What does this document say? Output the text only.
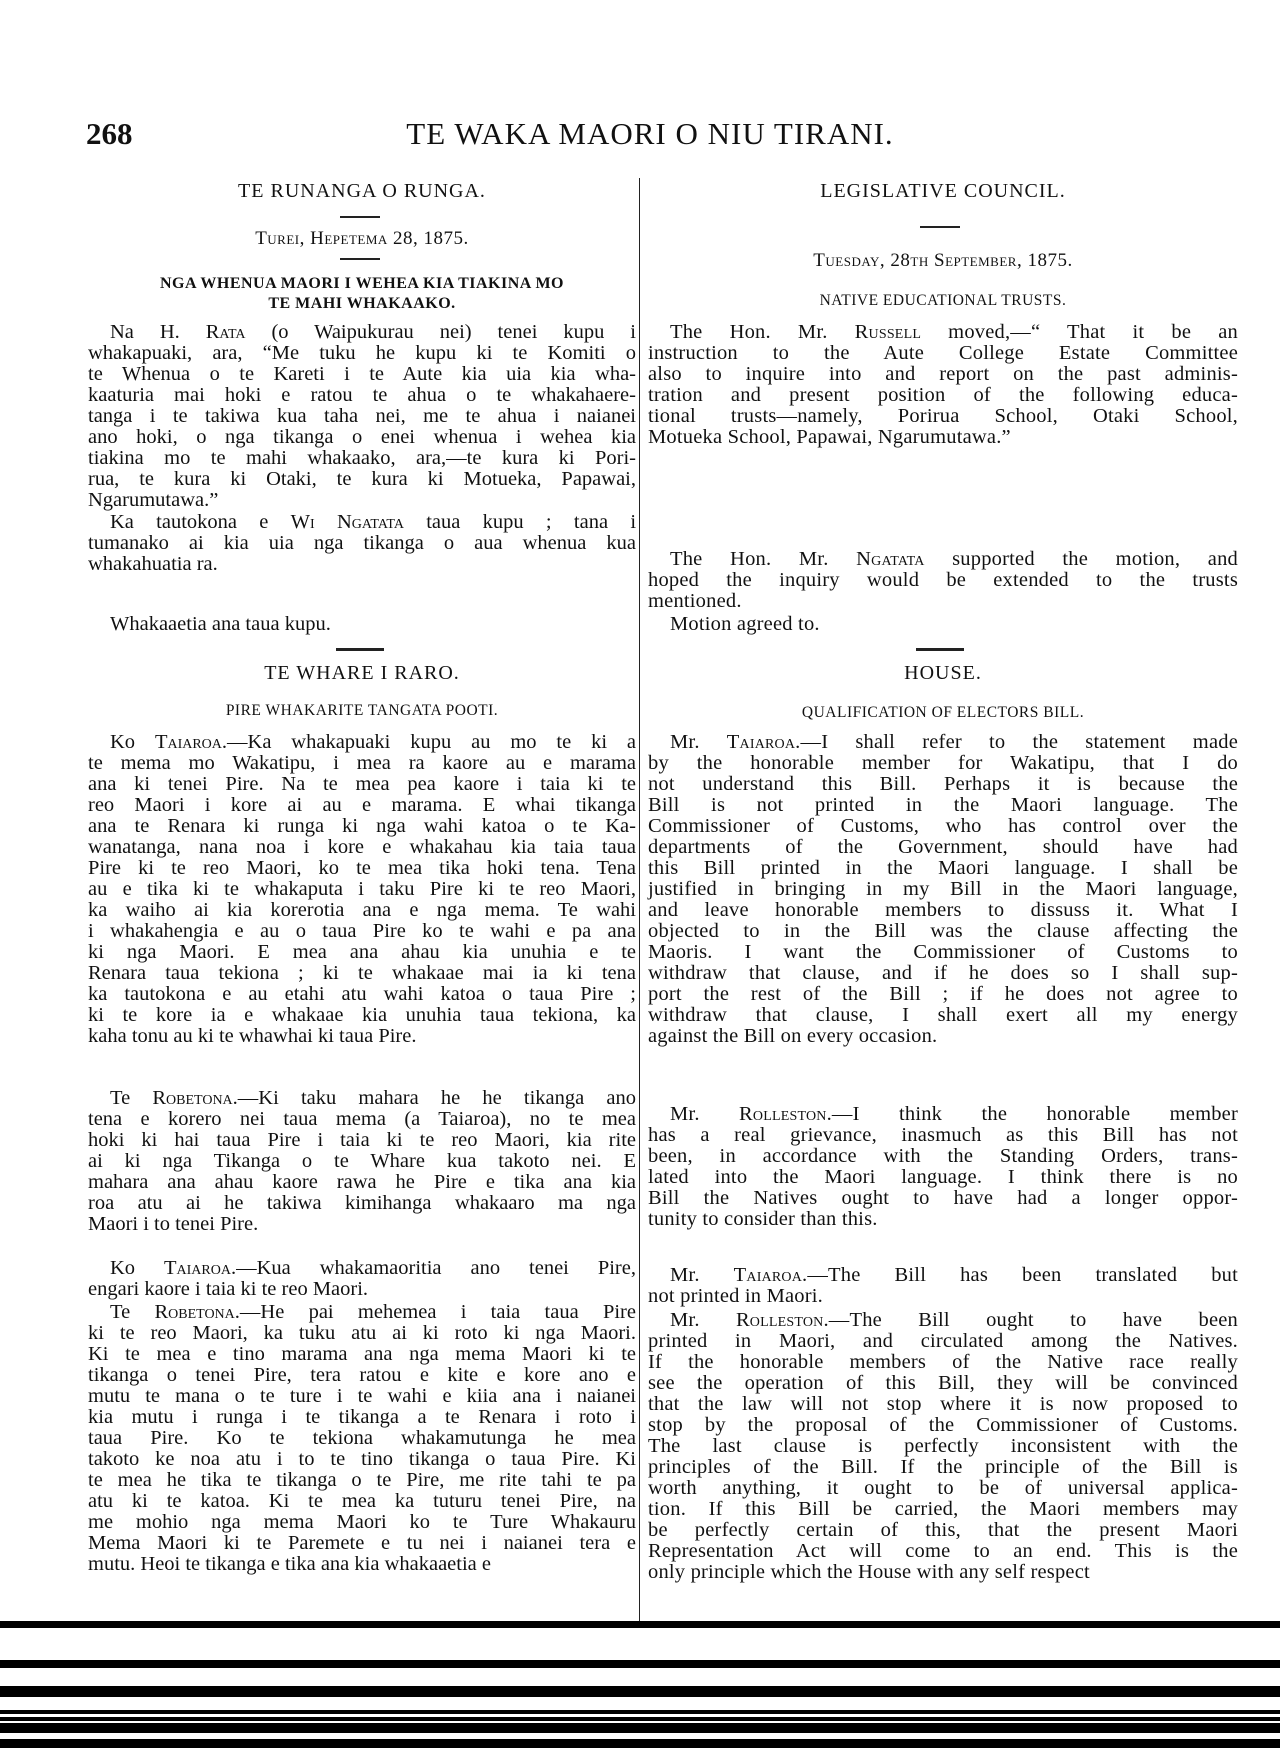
268	TE WAKA MAORI O NIU TIRANI.
TE RUNANGA O RUNGA.
Turei, Hepetema 28, 1875.
NGA WHENUA MAORI I WEHEA KIA TIAKINA MO
TE MAHI WHAKAAKO.
Na H. Rata (o Waipukurau nei) tenei kupu i
whakapuaki, ara, “Me tuku he kupu ki te Komiti o
te Whenua o te Kareti i te Aute kia uia kia wha-
kaaturia mai hoki e ratou te ahua o te whakahaere-
tanga i te takiwa kua taha nei, me te ahua i naianei
ano hoki, o nga tikanga o enei whenua i wehea kia
tiakina mo te mahi whakaako, ara,—te kura ki Pori-
rua, te kura ki Otaki, te kura ki Motueka, Papawai,
Ngarumutawa.”
Ka tautokona e Wi Ngatata taua kupu ; tana i
tumanako ai kia uia nga tikanga o aua whenua kua
whakahuatia ra.
Whakaaetia ana taua kupu.
TE WHARE I RARO.
PIRE WHAKARITE TANGATA POOTI.
Ko Taiaroa.—Ka whakapuaki kupu au mo te ki a
te mema mo Wakatipu, i mea ra kaore au e marama
ana ki tenei Pire. Na te mea pea kaore i taia ki te
reo Maori i kore ai au e marama. E whai tikanga
ana te Renara ki runga ki nga wahi katoa o te Ka-
wanatanga, nana noa i kore e whakahau kia taia taua
Pire ki te reo Maori, ko te mea tika hoki tena. Tena
au e tika ki te whakaputa i taku Pire ki te reo Maori,
ka waiho ai kia korerotia ana e nga mema. Te wahi
i whakahengia e au o taua Pire ko te wahi e pa ana
ki nga Maori. E mea ana ahau kia unuhia e te
Renara taua tekiona ; ki te whakaae mai ia ki tena
ka tautokona e au etahi atu wahi katoa o taua Pire ;
ki te kore ia e whakaae kia unuhia taua tekiona, ka
kaha tonu au ki te whawhai ki taua Pire.
Te Robetona.—Ki taku mahara he he tikanga ano
tena e korero nei taua mema (a Taiaroa), no te mea
hoki ki hai taua Pire i taia ki te reo Maori, kia rite
ai ki nga Tikanga o te Whare kua takoto nei. E
mahara ana ahau kaore rawa he Pire e tika ana kia
roa atu ai he takiwa kimihanga whakaaro ma nga
Maori i to tenei Pire.
Ko Taiaroa.—Kua whakamaoritia ano tenei Pire,
engari kaore i taia ki te reo Maori.
Te Robetona.—He pai mehemea i taia taua Pire
ki te reo Maori, ka tuku atu ai ki roto ki nga Maori.
Ki te mea e tino marama ana nga mema Maori ki te
tikanga o tenei Pire, tera ratou e kite e kore ano e
mutu te mana o te ture i te wahi e kiia ana i naianei
kia mutu i runga i te tikanga a te Renara i roto i
taua Pire. Ko te tekiona whakamutunga he mea
takoto ke noa atu i to te tino tikanga o taua Pire. Ki
te mea he tika te tikanga o te Pire, me rite tahi te pa
atu ki te katoa. Ki te mea ka tuturu tenei Pire, na
me mohio nga mema Maori ko te Ture Whakauru
Mema Maori ki te Paremete e tu nei i naianei tera e
mutu. Heoi te tikanga e tika ana kia whakaaetia e
LEGISLATIVE COUNCIL.
Tuesday, 28th September, 1875.
NATIVE EDUCATIONAL TRUSTS.
The Hon. Mr. Russell moved,—“ That it be an
instruction to the Aute College Estate Committee
also to inquire into and report on the past adminis-
tration and present position of the following educa-
tional trusts—namely, Porirua School, Otaki School,
Motueka School, Papawai, Ngarumutawa.”
The Hon. Mr. Ngatata supported the motion, and
hoped the inquiry would be extended to the trusts
mentioned.
Motion agreed to.
HOUSE.
QUALIFICATION OF ELECTORS BILL.
Mr. Taiaroa.—I shall refer to the statement made
by the honorable member for Wakatipu, that I do
not understand this Bill. Perhaps it is because the
Bill is not printed in the Maori language. The
Commissioner of Customs, who has control over the
departments of the Government, should have had
this Bill printed in the Maori language. I shall be
justified in bringing in my Bill in the Maori language,
and leave honorable members to dissuss it. What I
objected to in the Bill was the clause affecting the
Maoris. I want the Commissioner of Customs to
withdraw that clause, and if he does so I shall sup-
port the rest of the Bill ; if he does not agree to
withdraw that clause, I shall exert all my energy
against the Bill on every occasion.
Mr. Rolleston.—I think the honorable member
has a real grievance, inasmuch as this Bill has not
been, in accordance with the Standing Orders, trans-
lated into the Maori language. I think there is no
Bill the Natives ought to have had a longer oppor-
tunity to consider than this.
Mr. Taiaroa.—The Bill has been translated but
not printed in Maori.
Mr. Rolleston.—The Bill ought to have been
printed in Maori, and circulated among the Natives.
If the honorable members of the Native race really
see the operation of this Bill, they will be convinced
that the law will not stop where it is now proposed to
stop by the proposal of the Commissioner of Customs.
The last clause is perfectly inconsistent with the
principles of the Bill. If the principle of the Bill is
worth anything, it ought to be of universal applica-
tion. If this Bill be carried, the Maori members may
be perfectly certain of this, that the present Maori
Representation Act will come to an end. This is the
only principle which the House with any self respect
